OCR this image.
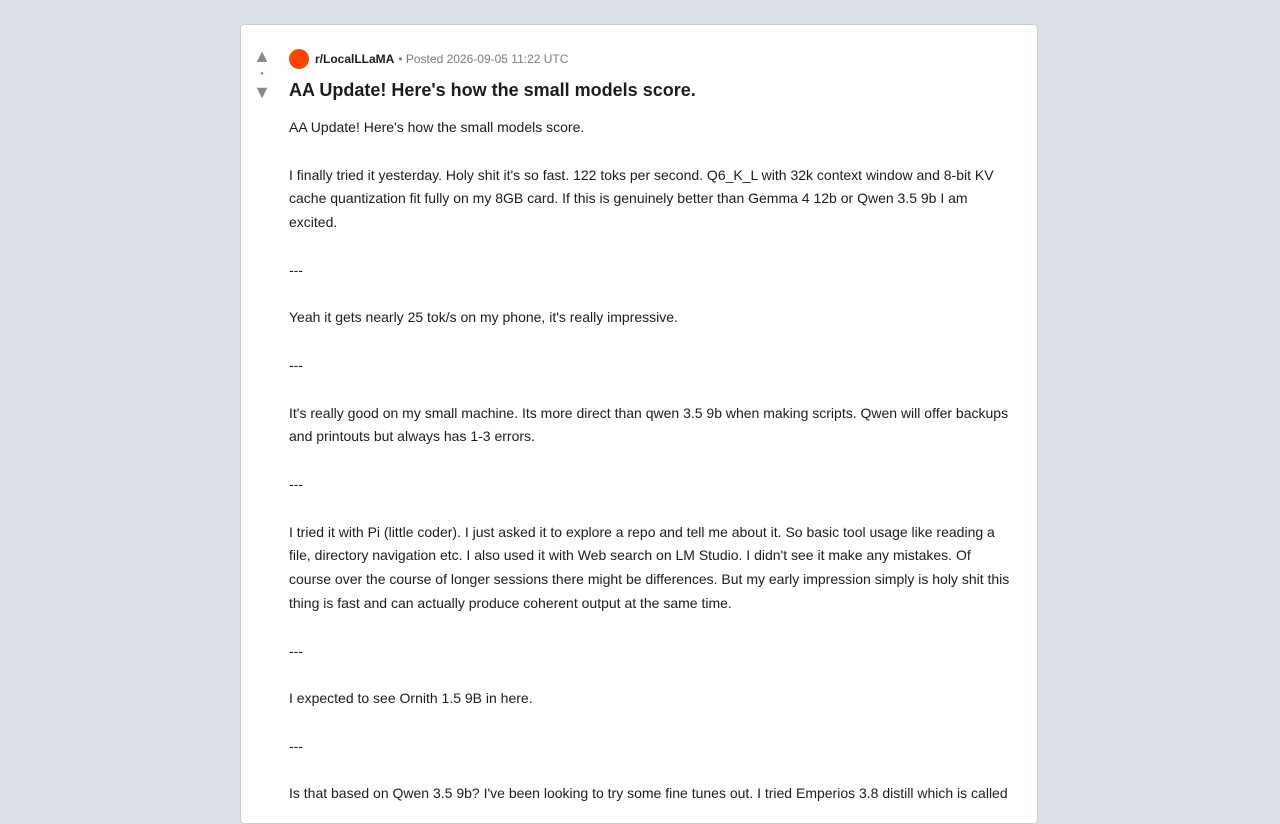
▲
•
▼
r/LocalLLaMA • Posted 2026-09-05 11:22 UTC
AA Update! Here's how the small models score.

AA Update! Here's how the small models score.

I finally tried it yesterday. Holy shit it's so fast. 122 toks per second. Q6_K_L with 32k context window and 8-bit KV cache quantization fit fully on my 8GB card. If this is genuinely better than Gemma 4 12b or Qwen 3.5 9b I am excited.

---

Yeah it gets nearly 25 tok/s on my phone, it's really impressive.

---

It's really good on my small machine. Its more direct than qwen 3.5 9b when making scripts. Qwen will offer backups and printouts but always has 1-3 errors.

---

I tried it with Pi (little coder). I just asked it to explore a repo and tell me about it. So basic tool usage like reading a file, directory navigation etc. I also used it with Web search on LM Studio. I didn't see it make any mistakes. Of course over the course of longer sessions there might be differences. But my early impression simply is holy shit this thing is fast and can actually produce coherent output at the same time.

---

I expected to see Ornith 1.5 9B in here.

---

Is that based on Qwen 3.5 9b? I've been looking to try some fine tunes out. I tried Emperios 3.8 distill which is called
